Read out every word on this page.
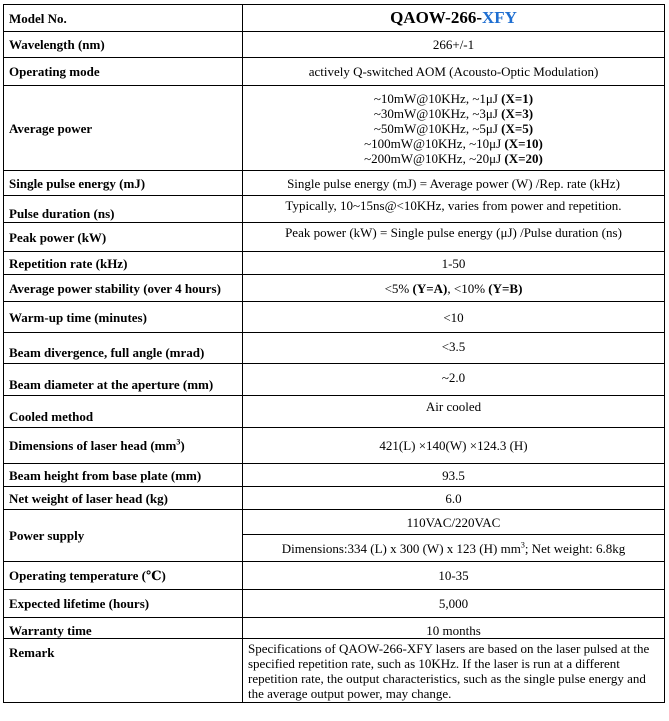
Model No.	QAOW-266-XFY
Wavelength (nm)	266+/-1
Operating mode	actively Q-switched AOM (Acousto-Optic Modulation)
Average power	~10mW@10KHz, ~1μJ (X=1)
~30mW@10KHz, ~3μJ (X=3)
~50mW@10KHz, ~5μJ (X=5)
~100mW@10KHz, ~10μJ (X=10)
~200mW@10KHz, ~20μJ (X=20)

Single pulse energy (mJ)	Single pulse energy (mJ) = Average power (W) /Rep. rate (kHz)
Pulse duration (ns)	Typically, 10~15ns@<10KHz, varies from power and repetition.
Peak power (kW)	Peak power (kW) = Single pulse energy (μJ) /Pulse duration (ns)
Repetition rate (kHz)	1-50
Average power stability (over 4 hours)	<5% (Y=A), <10% (Y=B)
Warm-up time (minutes)	<10
Beam divergence, full angle (mrad)	<3.5
Beam diameter at the aperture (mm)	~2.0
Cooled method	Air cooled
Dimensions of laser head $(mm^3)$	421(L) ×140(W) ×124.3 (H)
Beam height from base plate (mm)	93.5
Net weight of laser head (kg)	6.0
Power supply	110VAC/220VAC
	Dimensions:334 (L) x 300 (W) x 123 (H) $mm^3$; Net weight: 6.8kg
Operating temperature (℃)	10-35
Expected lifetime (hours)	5,000
Warranty time	10 months
Remark	Specifications of QAOW-266-XFY lasers are based on the laser pulsed at the specified repetition rate, such as 10KHz. If the laser is run at a different repetition rate, the output characteristics, such as the single pulse energy and the average output power, may change.
